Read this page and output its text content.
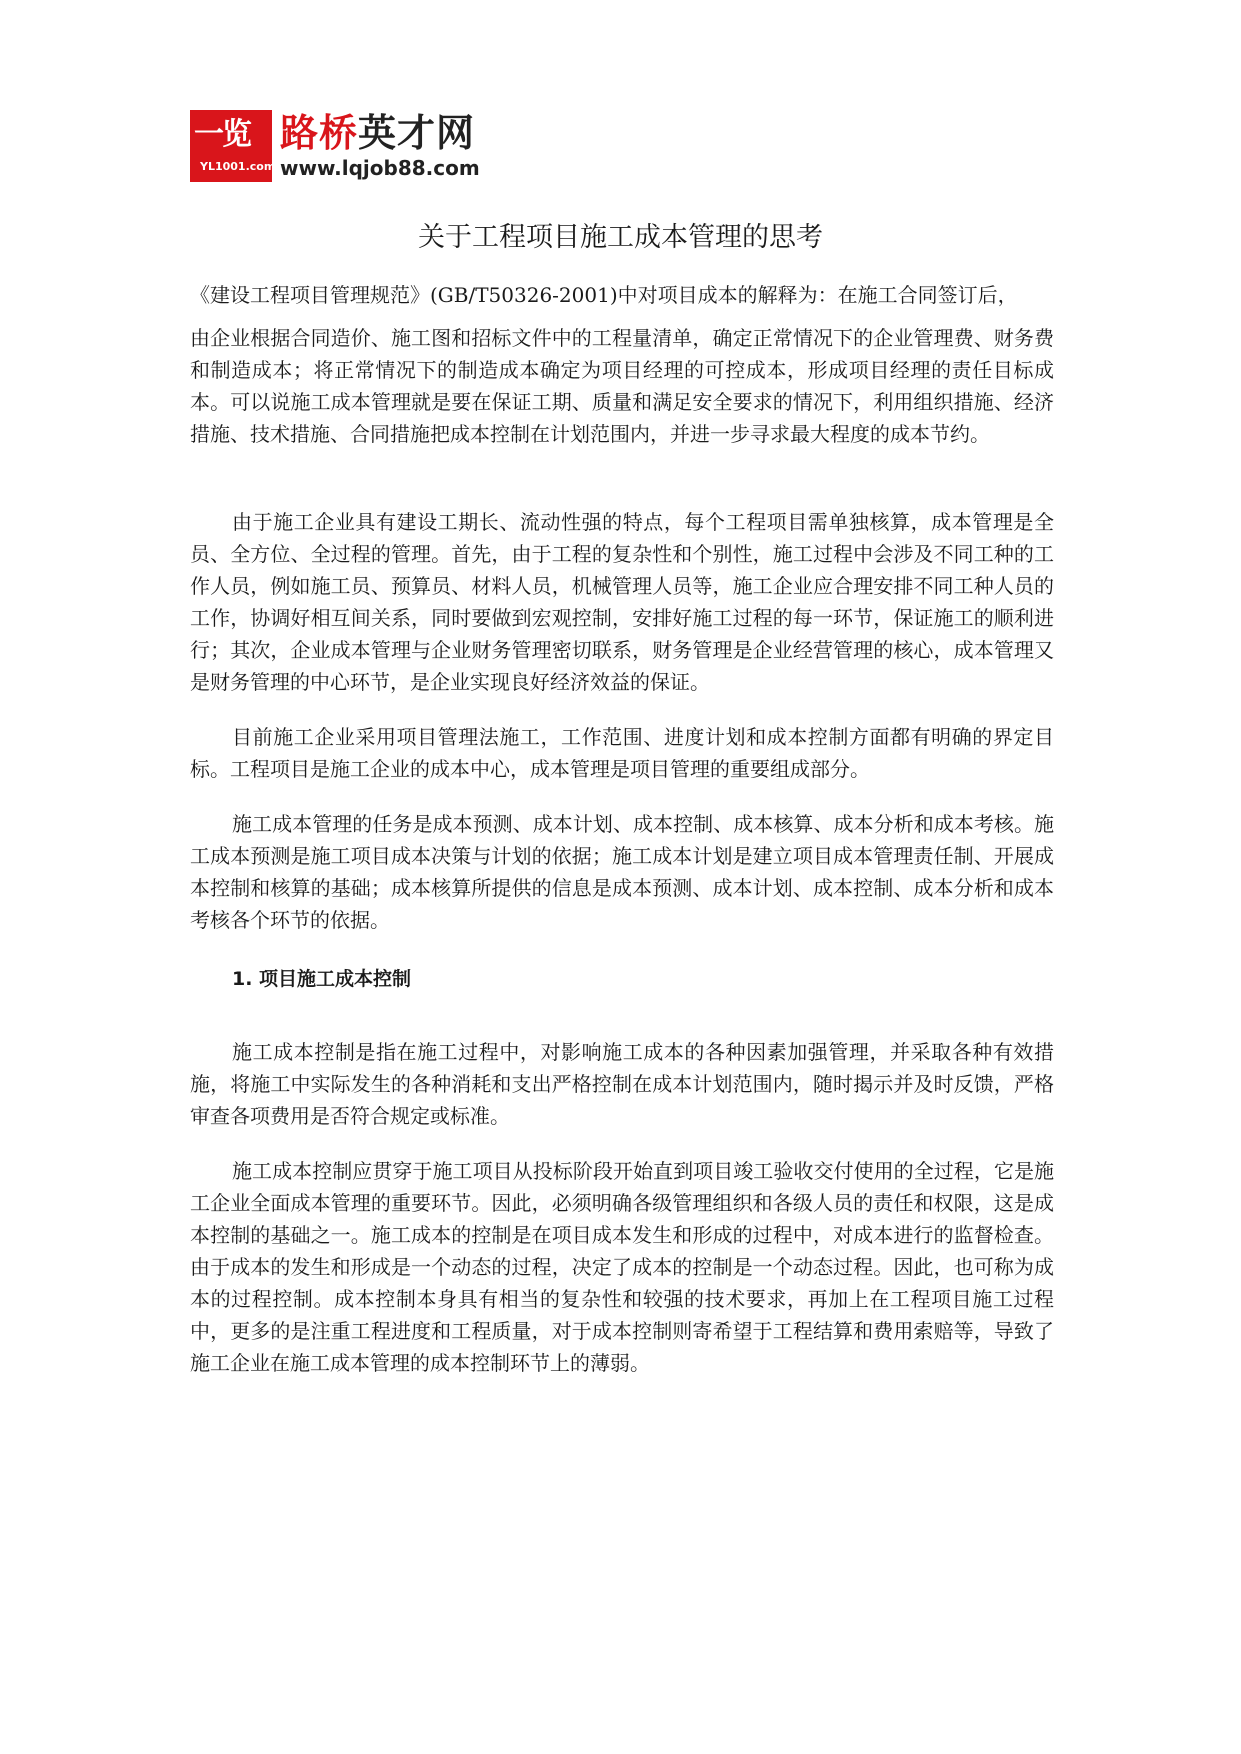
一览
YL1001.com
路桥英才网
www.lqjob88.com
关于工程项目施工成本管理的思考

《建设工程项目管理规范》(GB/T50326-2001)中对项目成本的解释为：在施工合同签订后，

由企业根据合同造价、施工图和招标文件中的工程量清单，确定正常情况下的企业管理费、财务费和制造成本；将正常情况下的制造成本确定为项目经理的可控成本，形成项目经理的责任目标成本。可以说施工成本管理就是要在保证工期、质量和满足安全要求的情况下，利用组织措施、经济措施、技术措施、合同措施把成本控制在计划范围内，并进一步寻求最大程度的成本节约。

由于施工企业具有建设工期长、流动性强的特点，每个工程项目需单独核算，成本管理是全员、全方位、全过程的管理。首先，由于工程的复杂性和个别性，施工过程中会涉及不同工种的工作人员，例如施工员、预算员、材料人员，机械管理人员等，施工企业应合理安排不同工种人员的工作，协调好相互间关系，同时要做到宏观控制，安排好施工过程的每一环节，保证施工的顺利进行；其次，企业成本管理与企业财务管理密切联系，财务管理是企业经营管理的核心，成本管理又是财务管理的中心环节，是企业实现良好经济效益的保证。

目前施工企业采用项目管理法施工，工作范围、进度计划和成本控制方面都有明确的界定目标。工程项目是施工企业的成本中心，成本管理是项目管理的重要组成部分。

施工成本管理的任务是成本预测、成本计划、成本控制、成本核算、成本分析和成本考核。施工成本预测是施工项目成本决策与计划的依据；施工成本计划是建立项目成本管理责任制、开展成本控制和核算的基础；成本核算所提供的信息是成本预测、成本计划、成本控制、成本分析和成本考核各个环节的依据。

1. 项目施工成本控制

施工成本控制是指在施工过程中，对影响施工成本的各种因素加强管理，并采取各种有效措施，将施工中实际发生的各种消耗和支出严格控制在成本计划范围内，随时揭示并及时反馈，严格审查各项费用是否符合规定或标准。

施工成本控制应贯穿于施工项目从投标阶段开始直到项目竣工验收交付使用的全过程，它是施工企业全面成本管理的重要环节。因此，必须明确各级管理组织和各级人员的责任和权限，这是成本控制的基础之一。施工成本的控制是在项目成本发生和形成的过程中，对成本进行的监督检查。由于成本的发生和形成是一个动态的过程，决定了成本的控制是一个动态过程。因此，也可称为成本的过程控制。成本控制本身具有相当的复杂性和较强的技术要求，再加上在工程项目施工过程中，更多的是注重工程进度和工程质量，对于成本控制则寄希望于工程结算和费用索赔等，导致了施工企业在施工成本管理的成本控制环节上的薄弱。
